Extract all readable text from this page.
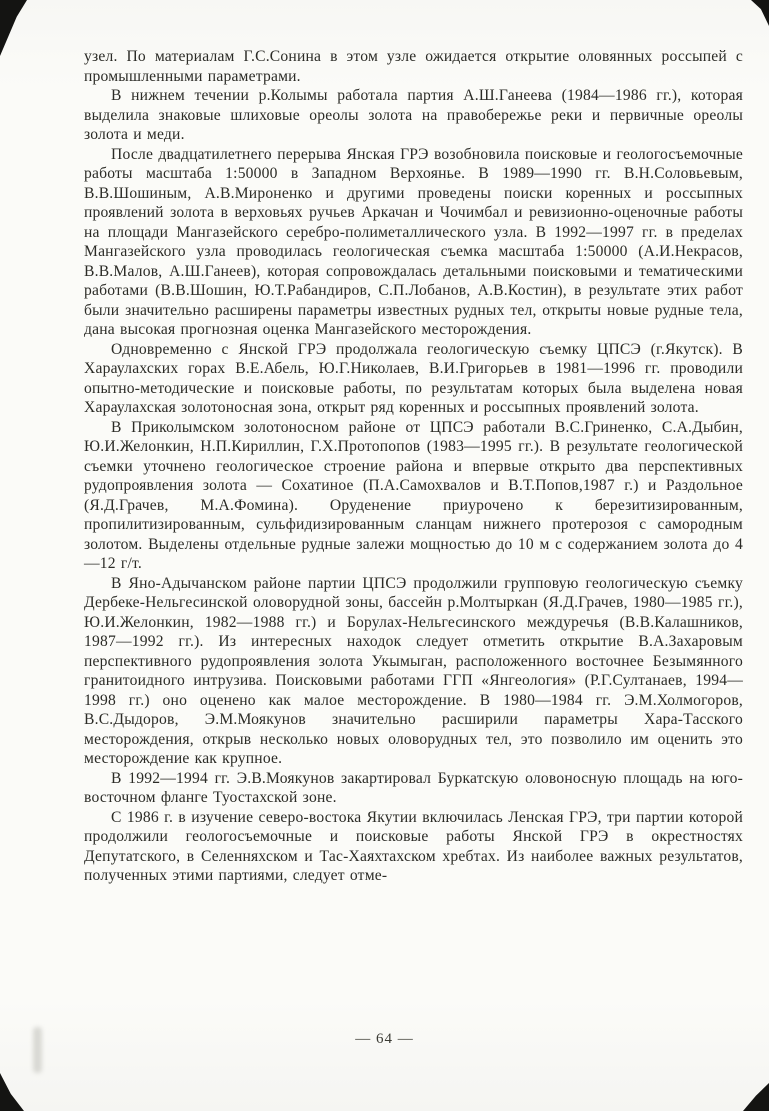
узел. По материалам Г.С.Сонина в этом узле ожидается открытие оловянных россыпей с промышленными параметрами.

В нижнем течении р.Колымы работала партия А.Ш.Ганеева (1984—1986 гг.), которая выделила знаковые шлиховые ореолы золота на правобережье реки и первичные ореолы золота и меди.

После двадцатилетнего перерыва Янская ГРЭ возобновила поисковые и геологосъемочные работы масштаба 1:50000 в Западном Верхоянье. В 1989—1990 гг. В.Н.Соловьевым, В.В.Шошиным, А.В.Мироненко и другими проведены поиски коренных и россыпных проявлений золота в верховьях ручьев Аркачан и Чочимбал и ревизионно-оценочные работы на площади Мангазейского серебро-полиметаллического узла. В 1992—1997 гг. в пределах Мангазейского узла проводилась геологическая съемка масштаба 1:50000 (А.И.Некрасов, В.В.Малов, А.Ш.Ганеев), которая сопровождалась детальными поисковыми и тематическими работами (В.В.Шошин, Ю.Т.Рабандиров, С.П.Лобанов, А.В.Костин), в результате этих работ были значительно расширены параметры известных рудных тел, открыты новые рудные тела, дана высокая прогнозная оценка Мангазейского месторождения.

Одновременно с Янской ГРЭ продолжала геологическую съемку ЦПСЭ (г.Якутск). В Хараулахских горах В.Е.Абель, Ю.Г.Николаев, В.И.Григорьев в 1981—1996 гг. проводили опытно-методические и поисковые работы, по результатам которых была выделена новая Хараулахская золотоносная зона, открыт ряд коренных и россыпных проявлений золота.

В Приколымском золотоносном районе от ЦПСЭ работали В.С.Гриненко, С.А.Дыбин, Ю.И.Желонкин, Н.П.Кириллин, Г.Х.Протопопов (1983—1995 гг.). В результате геологической съемки уточнено геологическое строение района и впервые открыто два перспективных рудопроявления золота — Сохатиное (П.А.Самохвалов и В.Т.Попов,1987 г.) и Раздольное (Я.Д.Грачев, М.А.Фомина). Оруденение приурочено к березитизированным, пропилитизированным, сульфидизированным сланцам нижнего протерозоя с самородным золотом. Выделены отдельные рудные залежи мощностью до 10 м с содержанием золота до 4—12 г/т.

В Яно-Адычанском районе партии ЦПСЭ продолжили групповую геологическую съемку Дербеке-Нельгесинской оловорудной зоны, бассейн р.Молтыркан (Я.Д.Грачев, 1980—1985 гг.), Ю.И.Желонкин, 1982—1988 гг.) и Борулах-Нельгесинского междуречья (В.В.Калашников, 1987—1992 гг.). Из интересных находок следует отметить открытие В.А.Захаровым перспективного рудопроявления золота Укымыган, расположенного восточнее Безымянного гранитоидного интрузива. Поисковыми работами ГГП «Янгеология» (Р.Г.Султанаев, 1994—1998 гг.) оно оценено как малое месторождение. В 1980—1984 гг. Э.М.Холмогоров, В.С.Дыдоров, Э.М.Моякунов значительно расширили параметры Хара-Тасского месторождения, открыв несколько новых оловорудных тел, это позволило им оценить это месторождение как крупное.

В 1992—1994 гг. Э.В.Моякунов закартировал Буркатскую оловоносную площадь на юго-восточном фланге Туостахской зоне.

С 1986 г. в изучение северо-востока Якутии включилась Ленская ГРЭ, три партии которой продолжили геологосъемочные и поисковые работы Янской ГРЭ в окрестностях Депутатского, в Селенняхском и Тас-Хаяхтахском хребтах. Из наиболее важных результатов, полученных этими партиями, следует отме-

— 64 —
